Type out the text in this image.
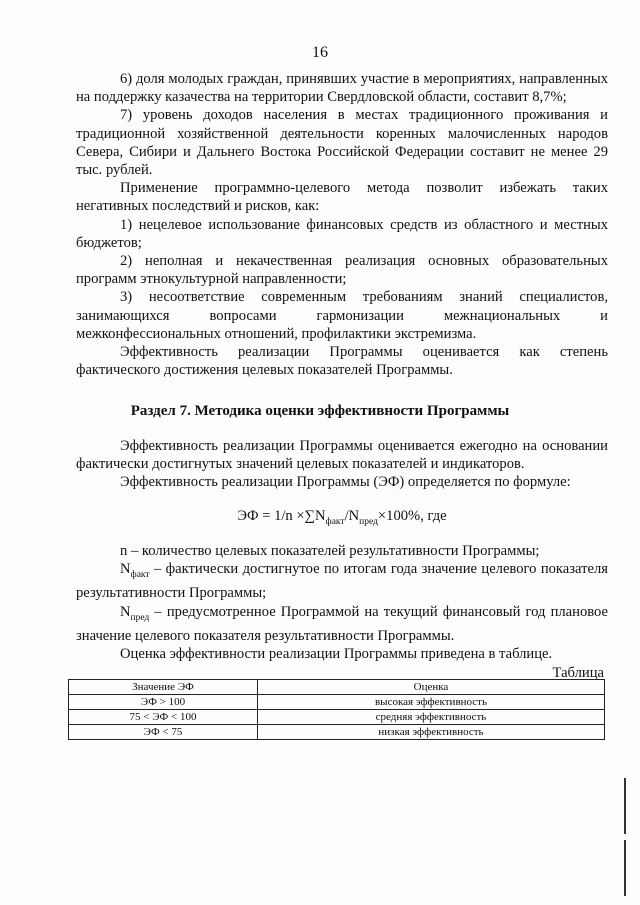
16

6) доля молодых граждан, принявших участие в мероприятиях, направленных на поддержку казачества на территории Свердловской области, составит 8,7%;

7) уровень доходов населения в местах традиционного проживания и традиционной хозяйственной деятельности коренных малочисленных народов Севера, Сибири и Дальнего Востока Российской Федерации составит не менее 29 тыс. рублей.

Применение программно-целевого метода позволит избежать таких негативных последствий и рисков, как:

1) нецелевое использование финансовых средств из областного и местных бюджетов;

2) неполная и некачественная реализация основных образовательных программ этнокультурной направленности;

3) несоответствие современным требованиям знаний специалистов, занимающихся вопросами гармонизации межнациональных и межконфессиональных отношений, профилактики экстремизма.

Эффективность реализации Программы оценивается как степень фактического достижения целевых показателей Программы.

Раздел 7. Методика оценки эффективности Программы

Эффективность реализации Программы оценивается ежегодно на основании фактически достигнутых значений целевых показателей и индикаторов.

Эффективность реализации Программы (ЭФ) определяется по формуле:

ЭФ = $1/n \times\sum N_{факт}/N_{пред}\times 100\%$, где

n – количество целевых показателей результативности Программы;

$N_{факт}$ – фактически достигнутое по итогам года значение целевого показателя результативности Программы;

$N_{пред}$ – предусмотренное Программой на текущий финансовый год плановое значение целевого показателя результативности Программы.

Оценка эффективности реализации Программы приведена в таблице.

Таблица
Значение ЭФ	Оценка
ЭФ > 100	высокая эффективность
75 < ЭФ < 100	средняя эффективность
ЭФ < 75	низкая эффективность
